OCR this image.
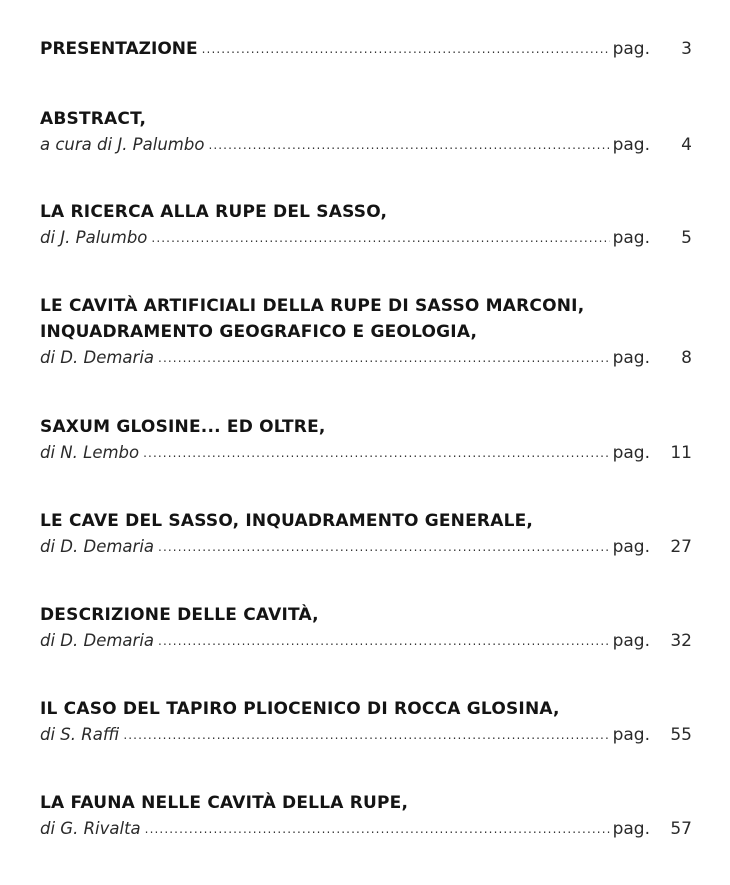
PRESENTAZIONE .....	pag.	3
ABSTRACT,
a cura di J. Palumbo .....	pag.	4
LA RICERCA ALLA RUPE DEL SASSO,
di J. Palumbo .....	pag.	5
LE CAVITÀ ARTIFICIALI DELLA RUPE DI SASSO MARCONI,
INQUADRAMENTO GEOGRAFICO E GEOLOGIA,
di D. Demaria .....	pag.	8
SAXUM GLOSINE... ED OLTRE,
di N. Lembo .....	pag.	11
LE CAVE DEL SASSO, INQUADRAMENTO GENERALE,
di D. Demaria .....	pag.	27
DESCRIZIONE DELLE CAVITÀ,
di D. Demaria .....	pag.	32
IL CASO DEL TAPIRO PLIOCENICO DI ROCCA GLOSINA,
di S. Raffi .....	pag.	55
LA FAUNA NELLE CAVITÀ DELLA RUPE,
di G. Rivalta .....	pag.	57
